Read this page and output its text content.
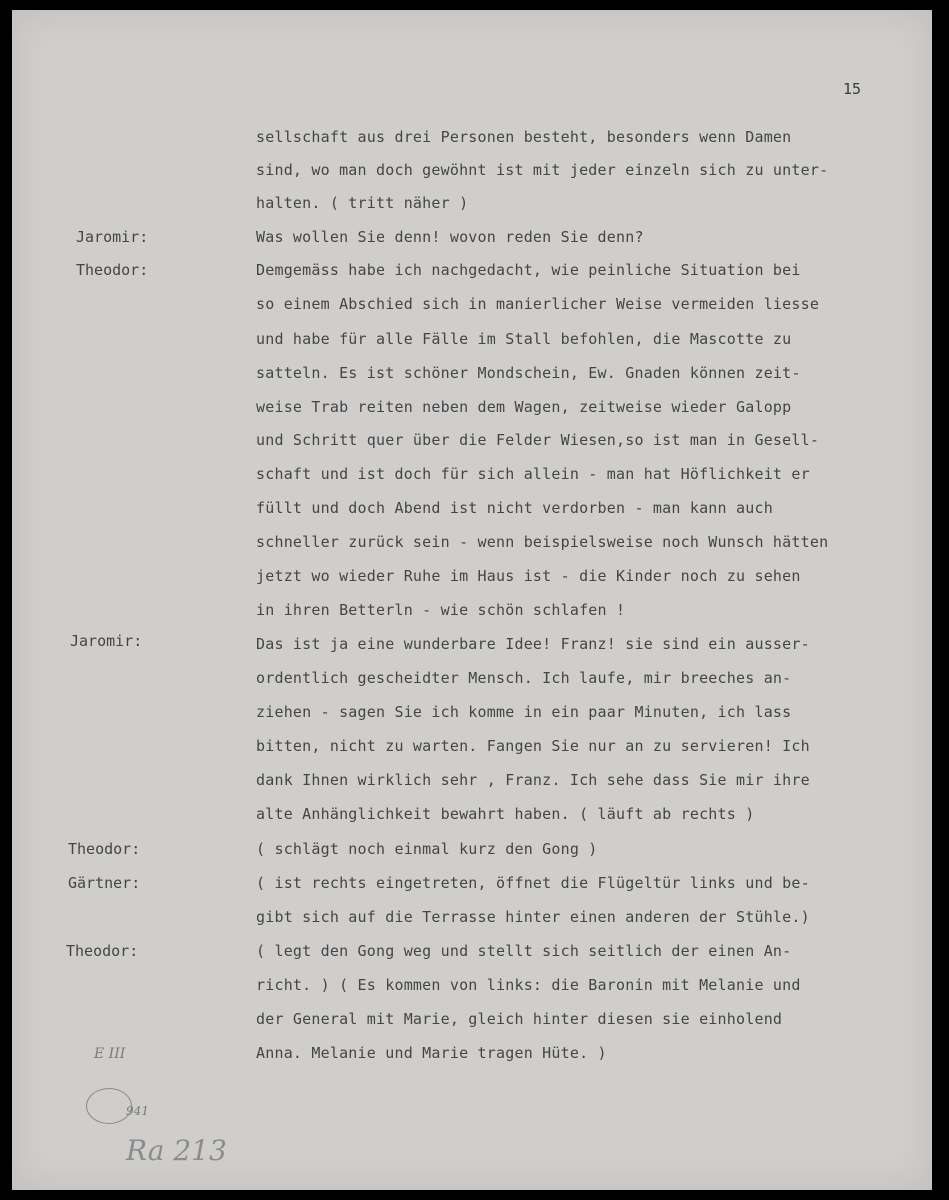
15
Jaromir:
Theodor:
Jaromir:
Theodor:
Gärtner:
Theodor:
sellschaft aus drei Personen besteht, besonders wenn Damen
sind, wo man doch gewöhnt ist mit jeder einzeln sich zu unter-
halten. ( tritt näher )
Was wollen Sie denn! wovon reden Sie denn?
Demgemäss habe ich nachgedacht, wie peinliche Situation bei
so einem Abschied sich in manierlicher Weise vermeiden liesse
und habe für alle Fälle im Stall befohlen, die Mascotte zu
satteln. Es ist schöner Mondschein, Ew. Gnaden können zeit-
weise Trab reiten neben dem Wagen, zeitweise wieder Galopp
und Schritt quer über die Felder Wiesen,so ist man in Gesell-
schaft und ist doch für sich allein - man hat Höflichkeit er
füllt und doch Abend ist nicht verdorben - man kann auch
schneller zurück sein - wenn beispielsweise noch Wunsch hätten
jetzt wo wieder Ruhe im Haus ist - die Kinder noch zu sehen
in ihren Betterln - wie schön schlafen !
Das ist ja eine wunderbare Idee! Franz! sie sind ein ausser-
ordentlich gescheidter Mensch. Ich laufe, mir breeches an-
ziehen - sagen Sie ich komme in ein paar Minuten, ich lass
bitten, nicht zu warten. Fangen Sie nur an zu servieren! Ich
dank Ihnen wirklich sehr , Franz. Ich sehe dass Sie mir ihre
alte Anhänglichkeit bewahrt haben. ( läuft ab rechts )
( schlägt noch einmal kurz den Gong )
( ist rechts eingetreten, öffnet die Flügeltür links und be-
gibt sich auf die Terrasse hinter einen anderen der Stühle.)
( legt den Gong weg und stellt sich seitlich der einen An-
richt. ) ( Es kommen von links: die Baronin mit Melanie und
der General mit Marie, gleich hinter diesen sie einholend
Anna. Melanie und Marie tragen Hüte. )
E III
941
Ra 213
